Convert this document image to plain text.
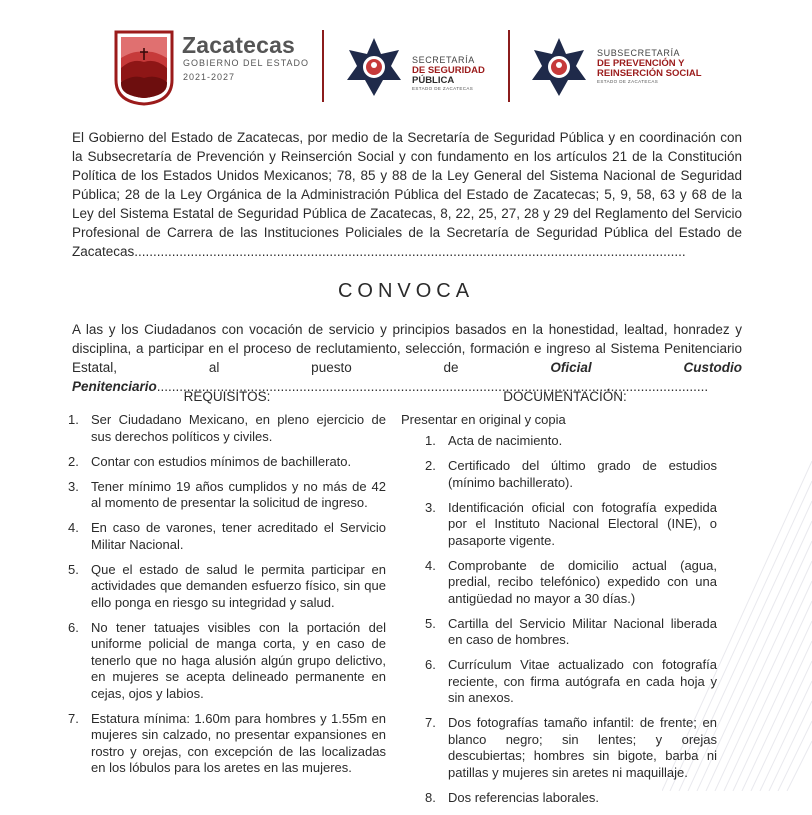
Zacatecas
GOBIERNO DEL ESTADO
2021-2027
SECRETARÍA
DE SEGURIDAD
PÚBLICA
ESTADO DE ZACATECAS
SUBSECRETARÍA
DE PREVENCIÓN Y
REINSERCIÓN SOCIAL
ESTADO DE ZACATECAS

El Gobierno del Estado de Zacatecas, por medio de la Secretaría de Seguridad Pública y en coordinación con la Subsecretaría de Prevención y Reinserción Social y con fundamento en los artículos 21 de la Constitución Política de los Estados Unidos Mexicanos; 78, 85 y 88 de la Ley General del Sistema Nacional de Seguridad Pública; 28 de la Ley Orgánica de la Administración Pública del Estado de Zacatecas; 5, 9, 58, 63 y 68 de la Ley del Sistema Estatal de Seguridad Pública de Zacatecas, 8, 22, 25, 27, 28 y 29 del Reglamento del Servicio Profesional de Carrera de las Instituciones Policiales de la Secretaría de Seguridad Pública del Estado de Zacatecas .....

CONVOCA

A las y los Ciudadanos con vocación de servicio y principios basados en la honestidad, lealtad, honradez y disciplina, a participar en el proceso de reclutamiento, selección, formación e ingreso al Sistema Penitenciario Estatal, al puesto de	Oficial Custodio Penitenciario .....

REQUISITOS:
1. Ser Ciudadano Mexicano, en pleno ejercicio de sus derechos políticos y civiles.
2. Contar con estudios mínimos de bachillerato.
3. Tener mínimo 19 años cumplidos y no más de 42 al momento de presentar la solicitud de ingreso.
4. En caso de varones, tener acreditado el Servicio Militar Nacional.
5. Que el estado de salud le permita participar en actividades que demanden esfuerzo físico, sin que ello ponga en riesgo su integridad y salud.
6. No tener tatuajes visibles con la portación del uniforme policial de manga corta, y en caso de tenerlo que no haga alusión algún grupo delictivo, en mujeres se acepta delineado permanente en cejas, ojos y labios.
7. Estatura mínima: 1.60m para hombres y 1.55m en mujeres sin calzado, no presentar expansiones en rostro y orejas, con excepción de las localizadas en los lóbulos para los aretes en las mujeres.
DOCUMENTACIÓN:
Presentar en original y copia
1. Acta de nacimiento.
2. Certificado del último grado de estudios (mínimo bachillerato).
3. Identificación oficial con fotografía expedida por el Instituto Nacional Electoral (INE), o pasaporte vigente.
4. Comprobante de domicilio actual (agua, predial, recibo telefónico) expedido con una antigüedad no mayor a 30 días.)
5. Cartilla del Servicio Militar Nacional liberada en caso de hombres.
6. Currículum Vitae actualizado con fotografía reciente, con firma autógrafa en cada hoja y sin anexos.
7. Dos fotografías tamaño infantil: de frente; en blanco negro; sin lentes; y orejas descubiertas; hombres sin bigote, barba ni patillas y mujeres sin aretes ni maquillaje.
8. Dos referencias laborales.
